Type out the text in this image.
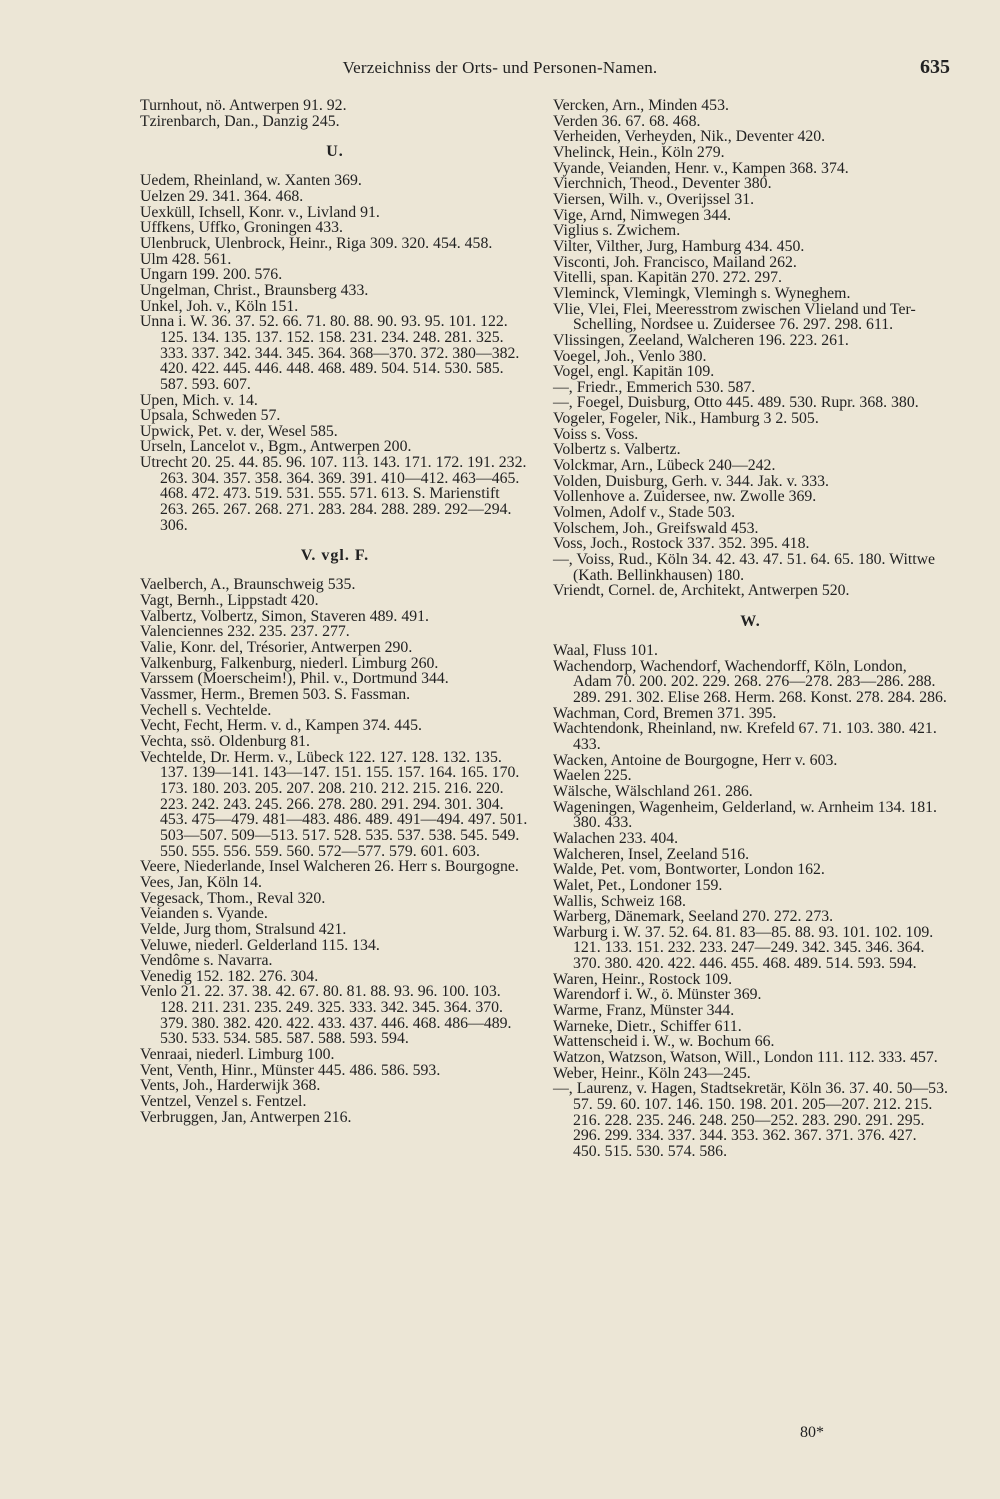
Verzeichniss der Orts- und Personen-Namen.	635
Turnhout, nö. Antwerpen 91. 92.
Tzirenbarch, Dan., Danzig 245.
U.
Uedem, Rheinland, w. Xanten 369.
Uelzen 29. 341. 364. 468.
Uexküll, Ichsell, Konr. v., Livland 91.
Uffkens, Uffko, Groningen 433.
Ulenbruck, Ulenbrock, Heinr., Riga 309. 320. 454. 458.
Ulm 428. 561.
Ungarn 199. 200. 576.
Ungelman, Christ., Braunsberg 433.
Unkel, Joh. v., Köln 151.
Unna i. W. 36. 37. 52. 66. 71. 80. 88. 90. 93. 95. 101. 122. 125. 134. 135. 137. 152. 158. 231. 234. 248. 281. 325. 333. 337. 342. 344. 345. 364. 368—370. 372. 380—382. 420. 422. 445. 446. 448. 468. 489. 504. 514. 530. 585. 587. 593. 607.
Upen, Mich. v. 14.
Upsala, Schweden 57.
Upwick, Pet. v. der, Wesel 585.
Urseln, Lancelot v., Bgm., Antwerpen 200.
Utrecht 20. 25. 44. 85. 96. 107. 113. 143. 171. 172. 191. 232. 263. 304. 357. 358. 364. 369. 391. 410—412. 463—465. 468. 472. 473. 519. 531. 555. 571. 613. S. Marienstift 263. 265. 267. 268. 271. 283. 284. 288. 289. 292—294. 306.
V. vgl. F.
Vaelberch, A., Braunschweig 535.
Vagt, Bernh., Lippstadt 420.
Valbertz, Volbertz, Simon, Staveren 489. 491.
Valenciennes 232. 235. 237. 277.
Valie, Konr. del, Trésorier, Antwerpen 290.
Valkenburg, Falkenburg, niederl. Limburg 260.
Varssem (Moerscheim!), Phil. v., Dortmund 344.
Vassmer, Herm., Bremen 503. S. Fassman.
Vechell s. Vechtelde.
Vecht, Fecht, Herm. v. d., Kampen 374. 445.
Vechta, ssö. Oldenburg 81.
Vechtelde, Dr. Herm. v., Lübeck 122. 127. 128. 132. 135. 137. 139—141. 143—147. 151. 155. 157. 164. 165. 170. 173. 180. 203. 205. 207. 208. 210. 212. 215. 216. 220. 223. 242. 243. 245. 266. 278. 280. 291. 294. 301. 304. 453. 475—479. 481—483. 486. 489. 491—494. 497. 501. 503—507. 509—513. 517. 528. 535. 537. 538. 545. 549. 550. 555. 556. 559. 560. 572—577. 579. 601. 603.
Veere, Niederlande, Insel Walcheren 26. Herr s. Bourgogne.
Vees, Jan, Köln 14.
Vegesack, Thom., Reval 320.
Veianden s. Vyande.
Velde, Jurg thom, Stralsund 421.
Veluwe, niederl. Gelderland 115. 134.
Vendôme s. Navarra.
Venedig 152. 182. 276. 304.
Venlo 21. 22. 37. 38. 42. 67. 80. 81. 88. 93. 96. 100. 103. 128. 211. 231. 235. 249. 325. 333. 342. 345. 364. 370. 379. 380. 382. 420. 422. 433. 437. 446. 468. 486—489. 530. 533. 534. 585. 587. 588. 593. 594.
Venraai, niederl. Limburg 100.
Vent, Venth, Hinr., Münster 445. 486. 586. 593.
Vents, Joh., Harderwijk 368.
Ventzel, Venzel s. Fentzel.
Verbruggen, Jan, Antwerpen 216.
Vercken, Arn., Minden 453.
Verden 36. 67. 68. 468.
Verheiden, Verheyden, Nik., Deventer 420.
Vhelinck, Hein., Köln 279.
Vyande, Veianden, Henr. v., Kampen 368. 374.
Vierchnich, Theod., Deventer 380.
Viersen, Wilh. v., Overijssel 31.
Vige, Arnd, Nimwegen 344.
Viglius s. Zwichem.
Vilter, Vilther, Jurg, Hamburg 434. 450.
Visconti, Joh. Francisco, Mailand 262.
Vitelli, span. Kapitän 270. 272. 297.
Vleminck, Vlemingk, Vlemingh s. Wyneghem.
Vlie, Vlei, Flei, Meeresstrom zwischen Vlieland und Ter-Schelling, Nordsee u. Zuidersee 76. 297. 298. 611.
Vlissingen, Zeeland, Walcheren 196. 223. 261.
Voegel, Joh., Venlo 380.
Vogel, engl. Kapitän 109.
—, Friedr., Emmerich 530. 587.
—, Foegel, Duisburg, Otto 445. 489. 530. Rupr. 368. 380.
Vogeler, Fogeler, Nik., Hamburg 3 2. 505.
Voiss s. Voss.
Volbertz s. Valbertz.
Volckmar, Arn., Lübeck 240—242.
Volden, Duisburg, Gerh. v. 344. Jak. v. 333.
Vollenhove a. Zuidersee, nw. Zwolle 369.
Volmen, Adolf v., Stade 503.
Volschem, Joh., Greifswald 453.
Voss, Joch., Rostock 337. 352. 395. 418.
—, Voiss, Rud., Köln 34. 42. 43. 47. 51. 64. 65. 180. Wittwe (Kath. Bellinkhausen) 180.
Vriendt, Cornel. de, Architekt, Antwerpen 520.
W.
Waal, Fluss 101.
Wachendorp, Wachendorf, Wachendorff, Köln, London, Adam 70. 200. 202. 229. 268. 276—278. 283—286. 288. 289. 291. 302. Elise 268. Herm. 268. Konst. 278. 284. 286.
Wachman, Cord, Bremen 371. 395.
Wachtendonk, Rheinland, nw. Krefeld 67. 71. 103. 380. 421. 433.
Wacken, Antoine de Bourgogne, Herr v. 603.
Waelen 225.
Wälsche, Wälschland 261. 286.
Wageningen, Wagenheim, Gelderland, w. Arnheim 134. 181. 380. 433.
Walachen 233. 404.
Walcheren, Insel, Zeeland 516.
Walde, Pet. vom, Bontworter, London 162.
Walet, Pet., Londoner 159.
Wallis, Schweiz 168.
Warberg, Dänemark, Seeland 270. 272. 273.
Warburg i. W. 37. 52. 64. 81. 83—85. 88. 93. 101. 102. 109. 121. 133. 151. 232. 233. 247—249. 342. 345. 346. 364. 370. 380. 420. 422. 446. 455. 468. 489. 514. 593. 594.
Waren, Heinr., Rostock 109.
Warendorf i. W., ö. Münster 369.
Warme, Franz, Münster 344.
Warneke, Dietr., Schiffer 611.
Wattenscheid i. W., w. Bochum 66.
Watzon, Watzson, Watson, Will., London 111. 112. 333. 457.
Weber, Heinr., Köln 243—245.
—, Laurenz, v. Hagen, Stadtsekretär, Köln 36. 37. 40. 50—53. 57. 59. 60. 107. 146. 150. 198. 201. 205—207. 212. 215. 216. 228. 235. 246. 248. 250—252. 283. 290. 291. 295. 296. 299. 334. 337. 344. 353. 362. 367. 371. 376. 427. 450. 515. 530. 574. 586.
80*
